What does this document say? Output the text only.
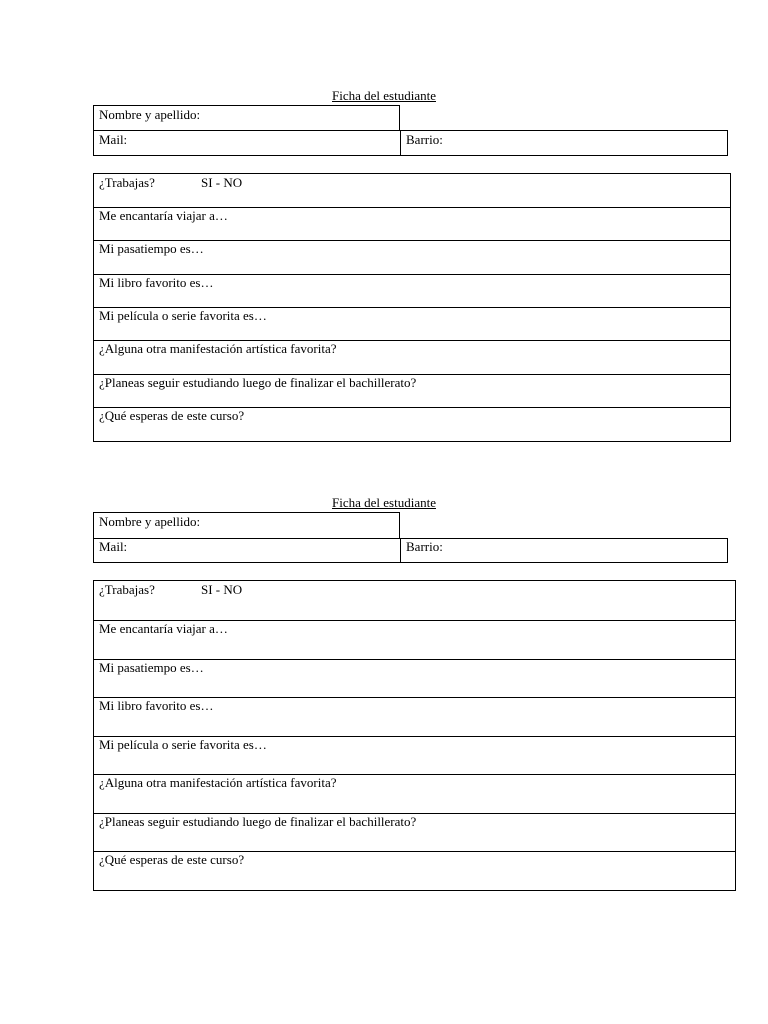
Ficha del estudiante
Nombre y apellido:
Mail:	Barrio:
¿Trabajas?	SI - NO
Me encantaría viajar a…
Mi pasatiempo es…
Mi libro favorito es…
Mi película o serie favorita es…
¿Alguna otra manifestación artística favorita?
¿Planeas seguir estudiando luego de finalizar el bachillerato?
¿Qué esperas de este curso?
Ficha del estudiante
Nombre y apellido:
Mail:	Barrio:
¿Trabajas?	SI - NO
Me encantaría viajar a…
Mi pasatiempo es…
Mi libro favorito es…
Mi película o serie favorita es…
¿Alguna otra manifestación artística favorita?
¿Planeas seguir estudiando luego de finalizar el bachillerato?
¿Qué esperas de este curso?
